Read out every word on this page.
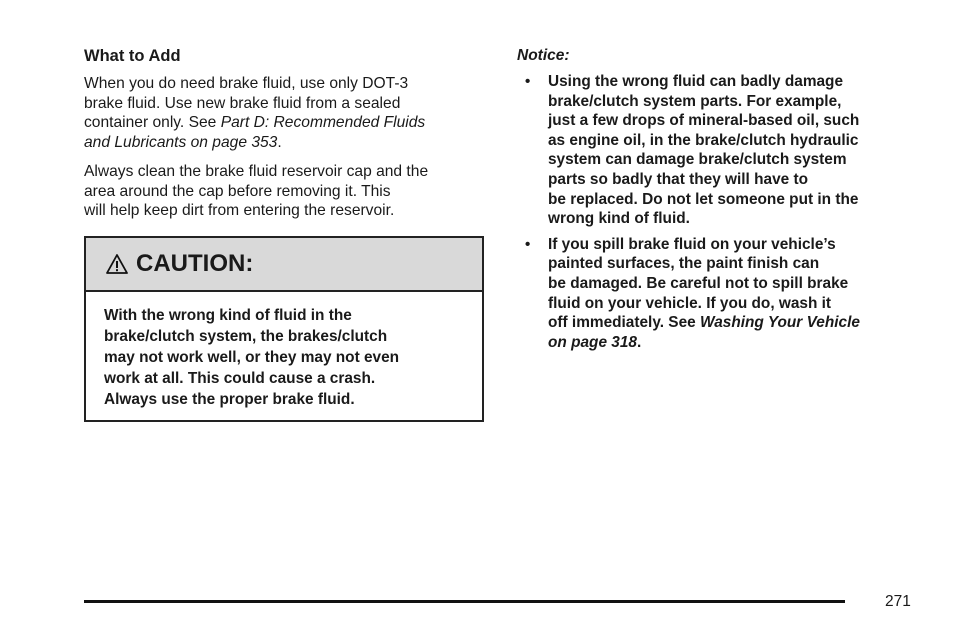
What to Add
When you do need brake fluid, use only DOT-3
brake fluid. Use new brake fluid from a sealed
container only. See Part D: Recommended Fluids
and Lubricants on page 353.
Always clean the brake fluid reservoir cap and the
area around the cap before removing it. This
will help keep dirt from entering the reservoir.
CAUTION:
With the wrong kind of fluid in the
brake/clutch system, the brakes/clutch
may not work well, or they may not even
work at all. This could cause a crash.
Always use the proper brake fluid.
Notice:
• Using the wrong fluid can badly damage
brake/clutch system parts. For example,
just a few drops of mineral-based oil, such
as engine oil, in the brake/clutch hydraulic
system can damage brake/clutch system
parts so badly that they will have to
be replaced. Do not let someone put in the
wrong kind of fluid.
• If you spill brake fluid on your vehicle’s
painted surfaces, the paint finish can
be damaged. Be careful not to spill brake
fluid on your vehicle. If you do, wash it
off immediately. See Washing Your Vehicle
on page 318.
271
